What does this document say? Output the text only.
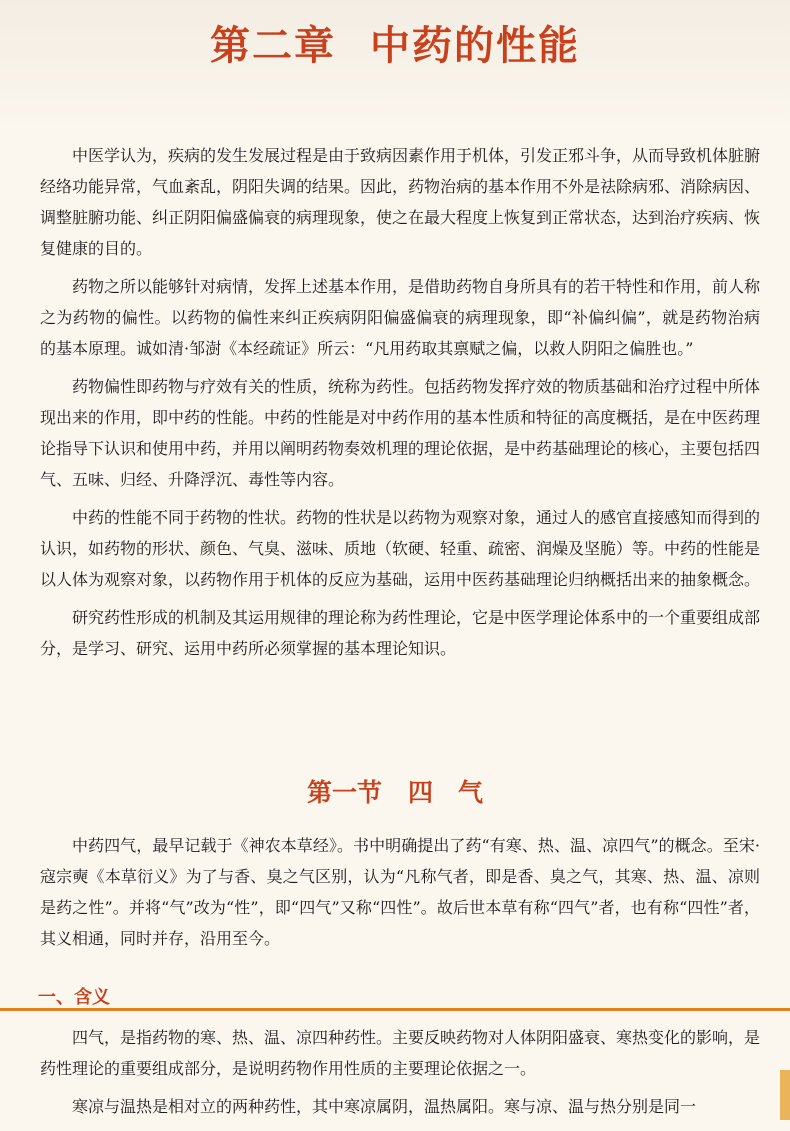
第二章 中药的性能

中医学认为，疾病的发生发展过程是由于致病因素作用于机体，引发正邪斗争，从而导致机体脏腑经络功能异常，气血紊乱，阴阳失调的结果。因此，药物治病的基本作用不外是祛除病邪、消除病因、调整脏腑功能、纠正阴阳偏盛偏衰的病理现象，使之在最大程度上恢复到正常状态，达到治疗疾病、恢复健康的目的。

药物之所以能够针对病情，发挥上述基本作用，是借助药物自身所具有的若干特性和作用，前人称之为药物的偏性。以药物的偏性来纠正疾病阴阳偏盛偏衰的病理现象，即“补偏纠偏”，就是药物治病的基本原理。诚如清·邹澍《本经疏证》所云：“凡用药取其禀赋之偏，以救人阴阳之偏胜也。”

药物偏性即药物与疗效有关的性质，统称为药性。包括药物发挥疗效的物质基础和治疗过程中所体现出来的作用，即中药的性能。中药的性能是对中药作用的基本性质和特征的高度概括，是在中医药理论指导下认识和使用中药，并用以阐明药物奏效机理的理论依据，是中药基础理论的核心，主要包括四气、五味、归经、升降浮沉、毒性等内容。

中药的性能不同于药物的性状。药物的性状是以药物为观察对象，通过人的感官直接感知而得到的认识，如药物的形状、颜色、气臭、滋味、质地（软硬、轻重、疏密、润燥及坚脆）等。中药的性能是以人体为观察对象，以药物作用于机体的反应为基础，运用中医药基础理论归纳概括出来的抽象概念。

研究药性形成的机制及其运用规律的理论称为药性理论，它是中医学理论体系中的一个重要组成部分，是学习、研究、运用中药所必须掌握的基本理论知识。

第一节 四　气

中药四气，最早记载于《神农本草经》。书中明确提出了药“有寒、热、温、凉四气”的概念。至宋·寇宗奭《本草衍义》为了与香、臭之气区别，认为“凡称气者，即是香、臭之气，其寒、热、温、凉则是药之性”。并将“气”改为“性”，即“四气”又称“四性”。故后世本草有称“四气”者，也有称“四性”者，其义相通，同时并存，沿用至今。

一、含义

四气，是指药物的寒、热、温、凉四种药性。主要反映药物对人体阴阳盛衰、寒热变化的影响，是药性理论的重要组成部分，是说明药物作用性质的主要理论依据之一。

寒凉与温热是相对立的两种药性，其中寒凉属阴，温热属阳。寒与凉、温与热分别是同一
